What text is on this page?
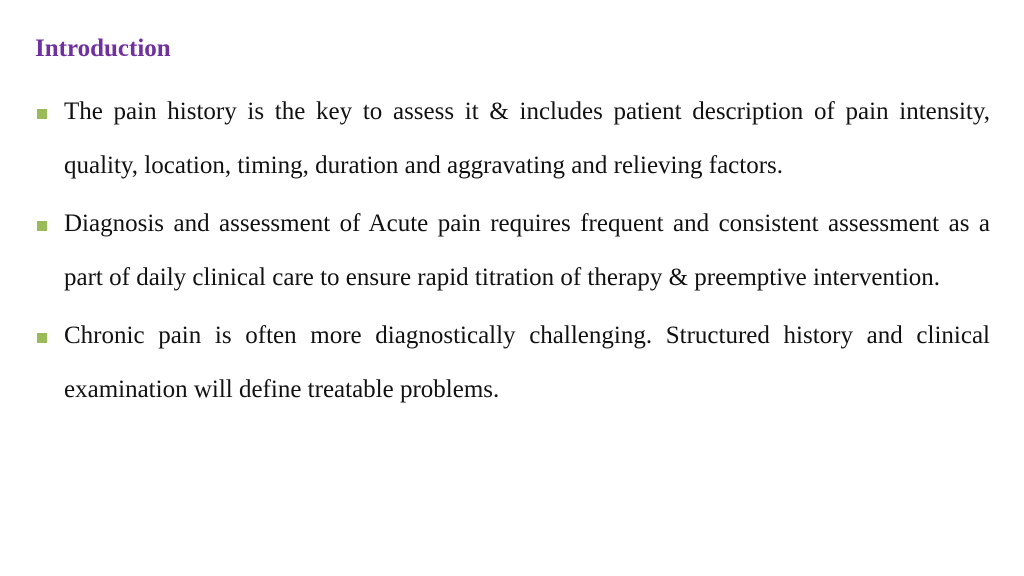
Introduction
The pain history is the key to assess it & includes patient description of pain intensity, quality, location, timing, duration and aggravating and relieving factors.
Diagnosis and assessment of Acute pain requires frequent and consistent assessment as a part of daily clinical care to ensure rapid titration of therapy & preemptive intervention.
Chronic pain is often more diagnostically challenging. Structured history and clinical examination will define treatable problems.
